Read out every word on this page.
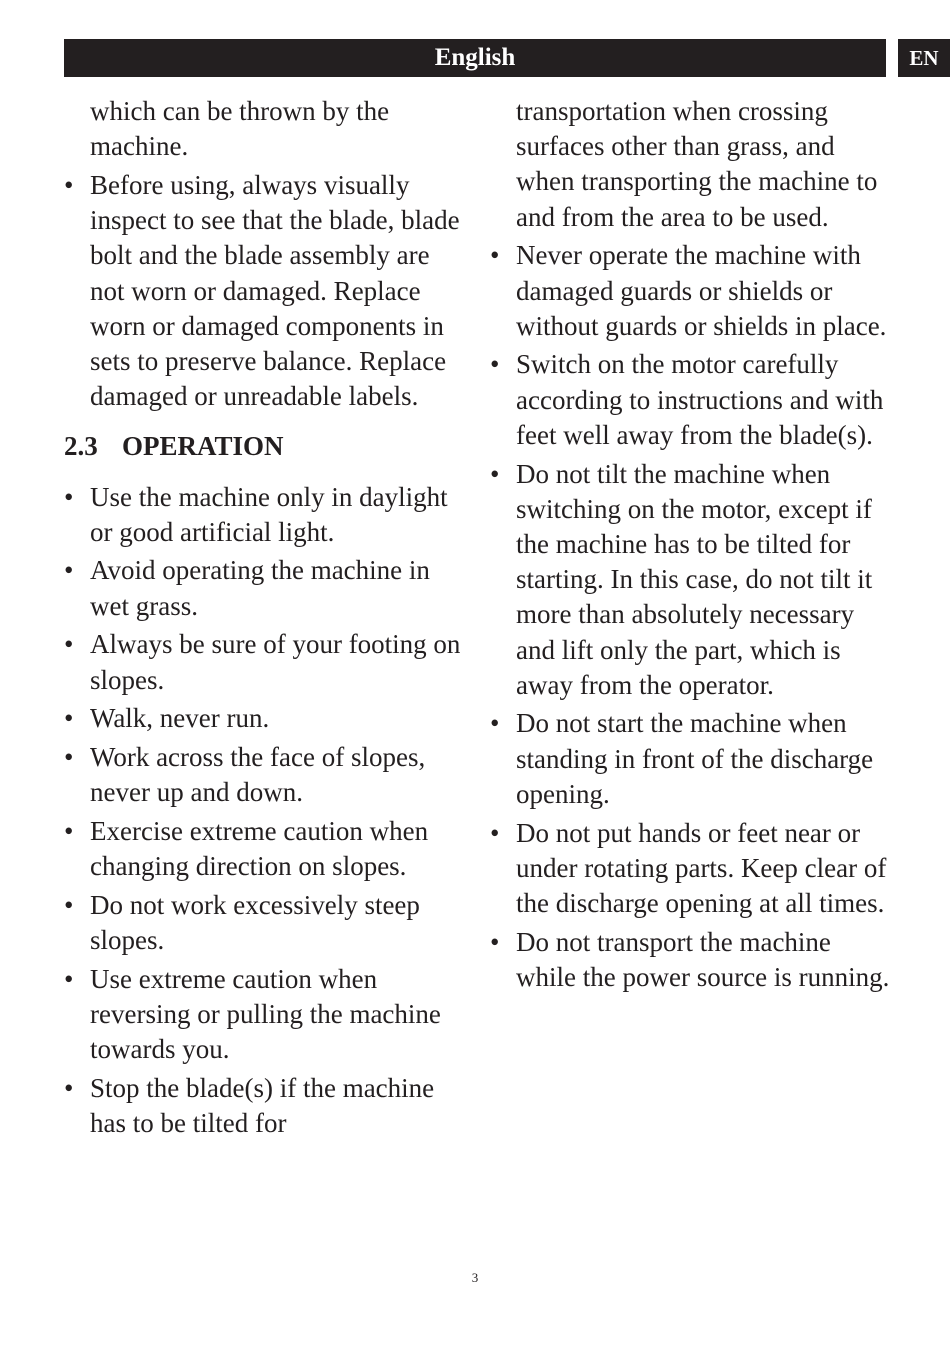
English	EN
which can be thrown by the machine.
• Before using, always visually inspect to see that the blade, blade bolt and the blade assembly are not worn or damaged. Replace worn or damaged components in sets to preserve balance. Replace damaged or unreadable labels.
2.3 OPERATION
• Use the machine only in daylight or good artificial light.
• Avoid operating the machine in wet grass.
• Always be sure of your footing on slopes.
• Walk, never run.
• Work across the face of slopes, never up and down.
• Exercise extreme caution when changing direction on slopes.
• Do not work excessively steep slopes.
• Use extreme caution when reversing or pulling the machine towards you.
• Stop the blade(s) if the machine has to be tilted for
transportation when crossing surfaces other than grass, and when transporting the machine to and from the area to be used.
• Never operate the machine with damaged guards or shields or without guards or shields in place.
• Switch on the motor carefully according to instructions and with feet well away from the blade(s).
• Do not tilt the machine when switching on the motor, except if the machine has to be tilted for starting. In this case, do not tilt it more than absolutely necessary and lift only the part, which is away from the operator.
• Do not start the machine when standing in front of the discharge opening.
• Do not put hands or feet near or under rotating parts. Keep clear of the discharge opening at all times.
• Do not transport the machine while the power source is running.
3
